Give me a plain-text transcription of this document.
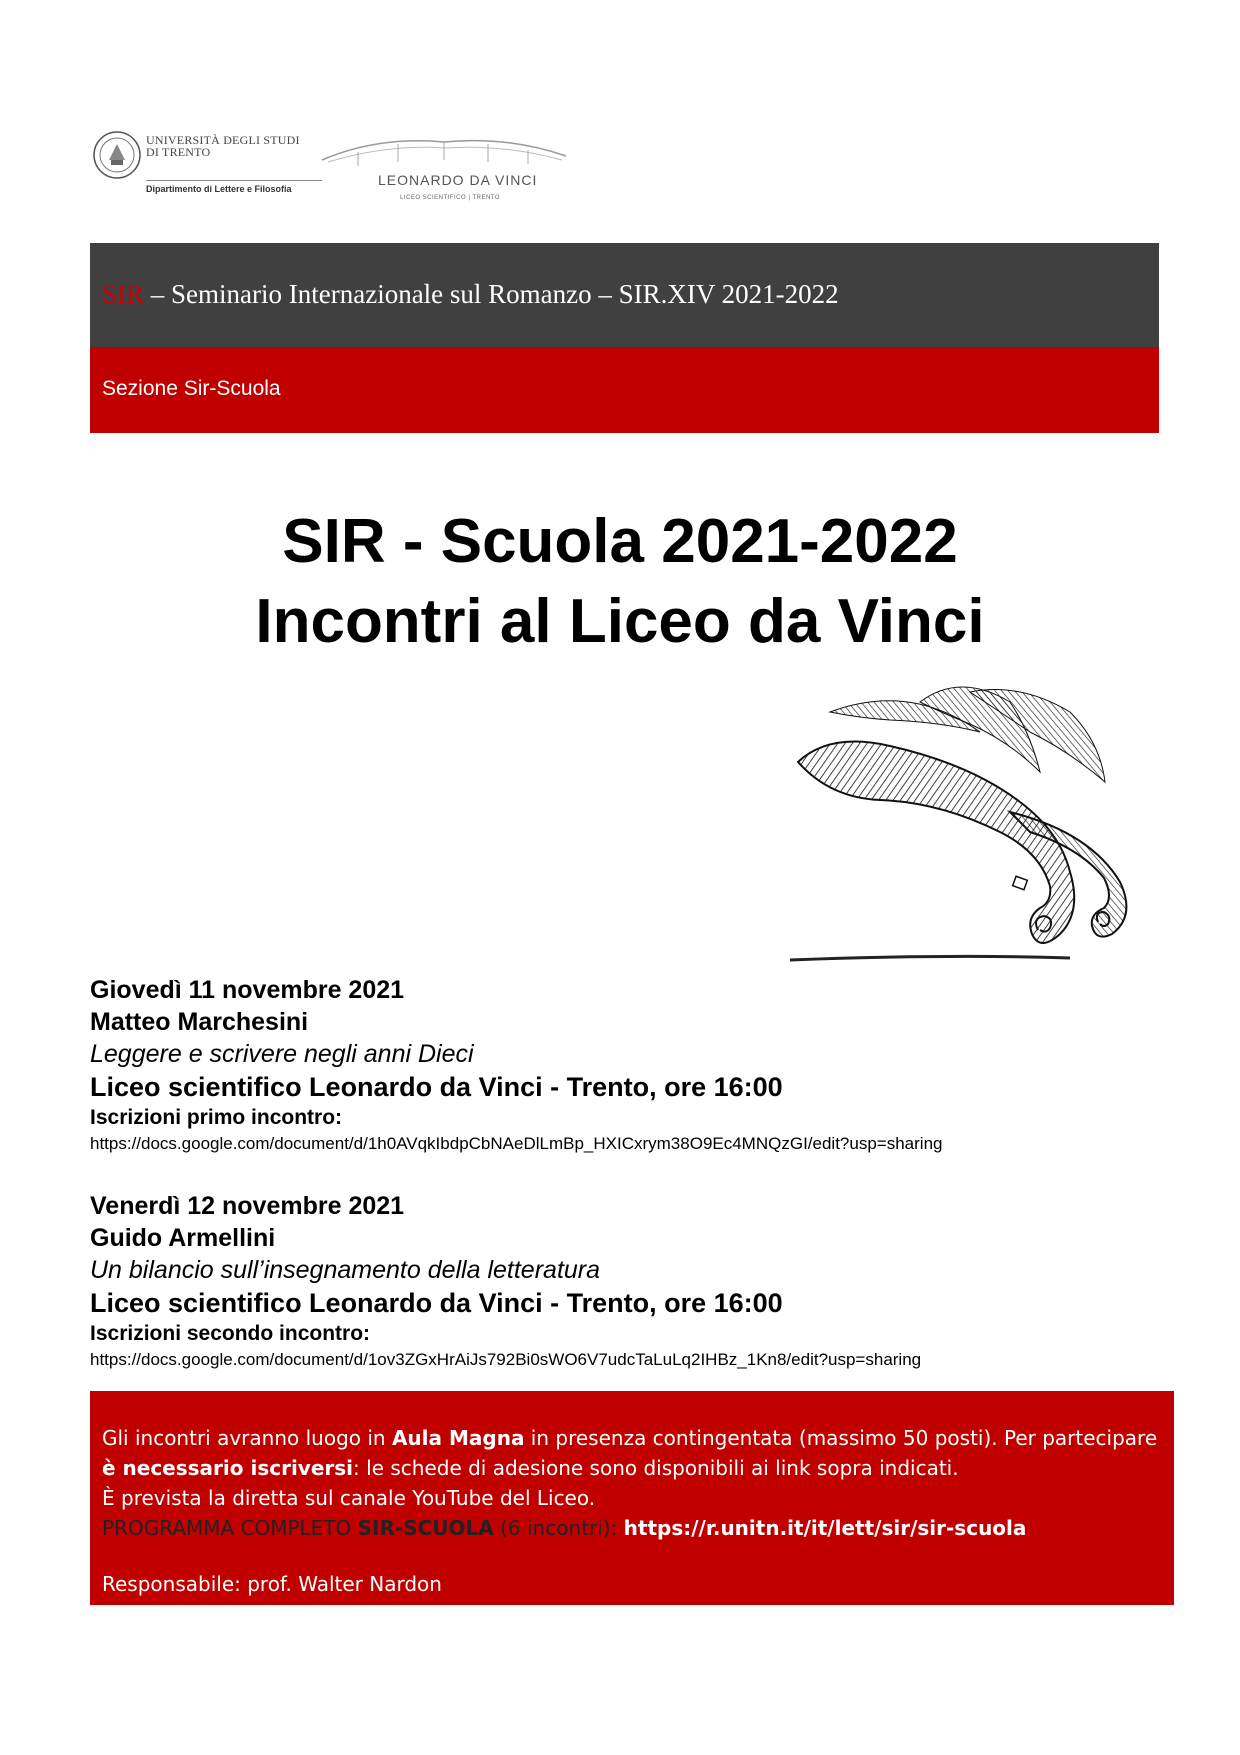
UNIVERSITÀ DEGLI STUDI
DI TRENTO
Dipartimento di Lettere e Filosofia
LEONARDO DA VINCI
LICEO SCIENTIFICO | TRENTO
SIR – Seminario Internazionale sul Romanzo – SIR.XIV 2021-2022
Sezione Sir-Scuola
SIR - Scuola 2021-2022
Incontri al Liceo da Vinci
Giovedì 11 novembre 2021
Matteo Marchesini
Leggere e scrivere negli anni Dieci
Liceo scientifico Leonardo da Vinci - Trento, ore 16:00
Iscrizioni primo incontro:
https://docs.google.com/document/d/1h0AVqkIbdpCbNAeDlLmBp_HXICxrym38O9Ec4MNQzGI/edit?usp=sharing
Venerdì 12 novembre 2021
Guido Armellini
Un bilancio sull’insegnamento della letteratura
Liceo scientifico Leonardo da Vinci - Trento, ore 16:00
Iscrizioni secondo incontro:
https://docs.google.com/document/d/1ov3ZGxHrAiJs792Bi0sWO6V7udcTaLuLq2IHBz_1Kn8/edit?usp=sharing

Gli incontri avranno luogo in Aula Magna in presenza contingentata (massimo 50 posti). Per partecipare è necessario iscriversi: le schede di adesione sono disponibili ai link sopra indicati.

È prevista la diretta sul canale YouTube del Liceo.

PROGRAMMA COMPLETO SIR-SCUOLA (6 incontri): https://r.unitn.it/it/lett/sir/sir-scuola

Responsabile: prof. Walter Nardon
